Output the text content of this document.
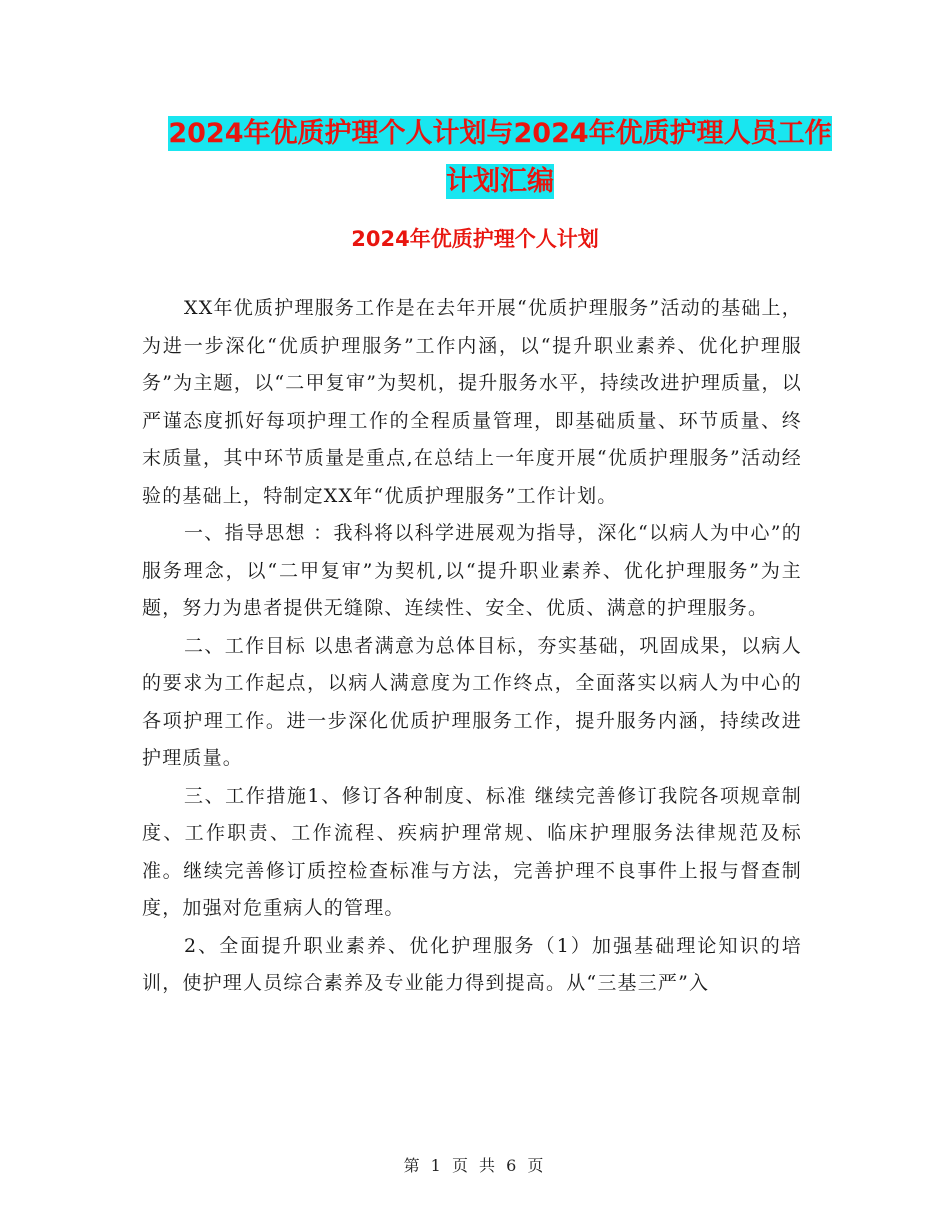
2024年优质护理个人计划与2024年优质护理人员工作
计划汇编
2024年优质护理个人计划

XX年优质护理服务工作是在去年开展“优质护理服务”活动的基础上，为进一步深化“优质护理服务”工作内涵，以“提升职业素养、优化护理服务”为主题，以“二甲复审”为契机，提升服务水平，持续改进护理质量，以严谨态度抓好每项护理工作的全程质量管理，即基础质量、环节质量、终末质量，其中环节质量是重点,在总结上一年度开展“优质护理服务”活动经验的基础上，特制定XX年“优质护理服务”工作计划。

一、指导思想 ：我科将以科学进展观为指导，深化“以病人为中心”的服务理念，以“二甲复审”为契机,以“提升职业素养、优化护理服务”为主题，努力为患者提供无缝隙、连续性、安全、优质、满意的护理服务。

二、工作目标 以患者满意为总体目标，夯实基础，巩固成果，以病人的要求为工作起点，以病人满意度为工作终点，全面落实以病人为中心的各项护理工作。进一步深化优质护理服务工作，提升服务内涵，持续改进护理质量。

三、工作措施1、修订各种制度、标准 继续完善修订我院各项规章制度、工作职责、工作流程、疾病护理常规、临床护理服务法律规范及标准。继续完善修订质控检查标准与方法，完善护理不良事件上报与督查制度，加强对危重病人的管理。

2、全面提升职业素养、优化护理服务（1）加强基础理论知识的培训，使护理人员综合素养及专业能力得到提高。从“三基三严”入

第 1 页 共 6 页
